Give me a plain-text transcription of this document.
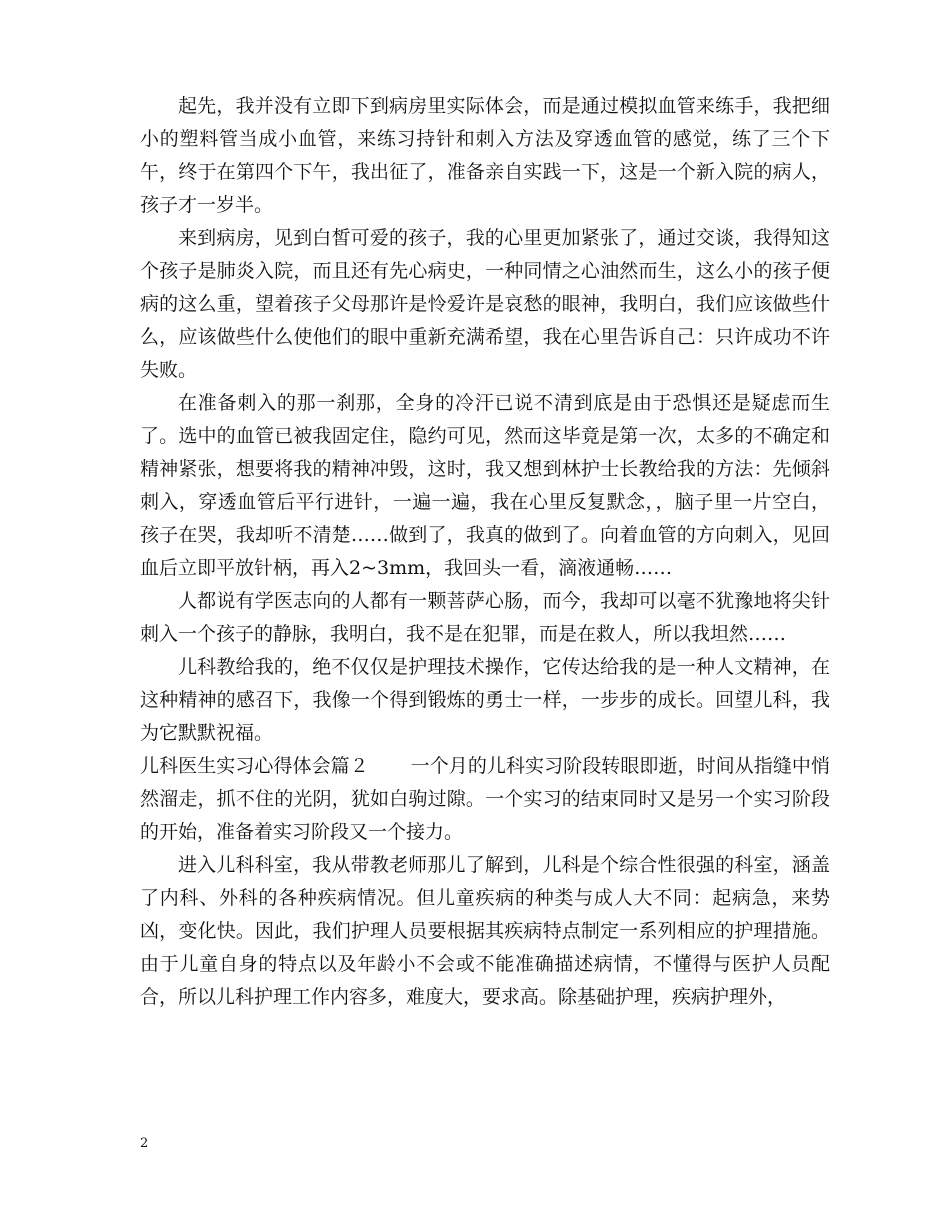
起先，我并没有立即下到病房里实际体会，而是通过模拟血管来练手，我把细小的塑料管当成小血管，来练习持针和刺入方法及穿透血管的感觉，练了三个下午，终于在第四个下午，我出征了，准备亲自实践一下，这是一个新入院的病人，孩子才一岁半。

来到病房，见到白皙可爱的孩子，我的心里更加紧张了，通过交谈，我得知这个孩子是肺炎入院，而且还有先心病史，一种同情之心油然而生，这么小的孩子便病的这么重，望着孩子父母那许是怜爱许是哀愁的眼神，我明白，我们应该做些什么，应该做些什么使他们的眼中重新充满希望，我在心里告诉自己：只许成功不许失败。

在准备刺入的那一刹那，全身的冷汗已说不清到底是由于恐惧还是疑虑而生了。选中的血管已被我固定住，隐约可见，然而这毕竟是第一次，太多的不确定和精神紧张，想要将我的精神冲毁，这时，我又想到林护士长教给我的方法：先倾斜刺入，穿透血管后平行进针，一遍一遍，我在心里反复默念，，脑子里一片空白，孩子在哭，我却听不清楚……做到了，我真的做到了。向着血管的方向刺入，见回血后立即平放针柄，再入2~3mm，我回头一看，滴液通畅……

人都说有学医志向的人都有一颗菩萨心肠，而今，我却可以毫不犹豫地将尖针刺入一个孩子的静脉，我明白，我不是在犯罪，而是在救人，所以我坦然……

儿科教给我的，绝不仅仅是护理技术操作，它传达给我的是一种人文精神，在这种精神的感召下，我像一个得到锻炼的勇士一样，一步步的成长。回望儿科，我为它默默祝福。

儿科医生实习心得体会篇２ 一个月的儿科实习阶段转眼即逝，时间从指缝中悄然溜走，抓不住的光阴，犹如白驹过隙。一个实习的结束同时又是另一个实习阶段的开始，准备着实习阶段又一个接力。

进入儿科科室，我从带教老师那儿了解到，儿科是个综合性很强的科室，涵盖了内科、外科的各种疾病情况。但儿童疾病的种类与成人大不同：起病急，来势凶，变化快。因此，我们护理人员要根据其疾病特点制定一系列相应的护理措施。由于儿童自身的特点以及年龄小不会或不能准确描述病情，不懂得与医护人员配合，所以儿科护理工作内容多，难度大，要求高。除基础护理，疾病护理外，

2
